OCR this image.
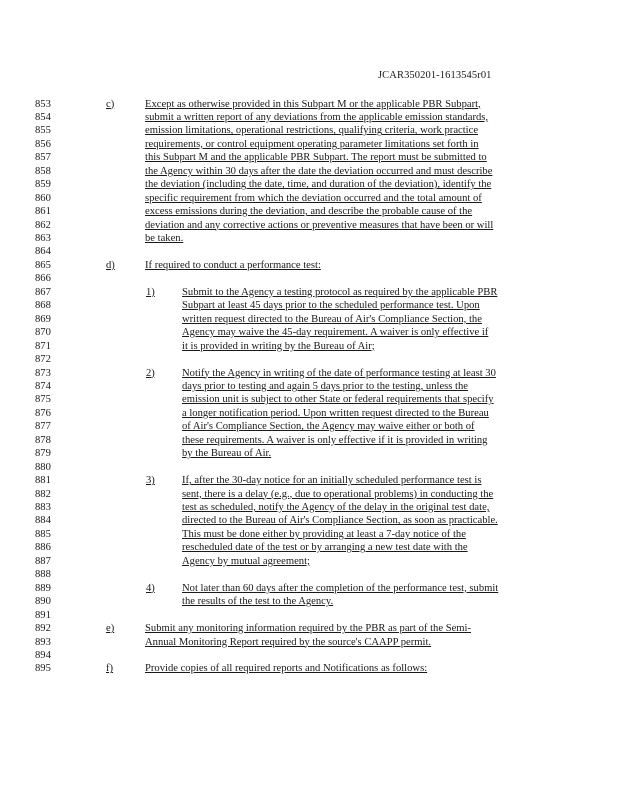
JCAR350201-1613545r01
853	c)	Except as otherwise provided in this Subpart M or the applicable PBR Subpart,
854	submit a written report of any deviations from the applicable emission standards,
855	emission limitations, operational restrictions, qualifying criteria, work practice
856	requirements, or control equipment operating parameter limitations set forth in
857	this Subpart M and the applicable PBR Subpart. The report must be submitted to
858	the Agency within 30 days after the date the deviation occurred and must describe
859	the deviation (including the date, time, and duration of the deviation), identify the
860	specific requirement from which the deviation occurred and the total amount of
861	excess emissions during the deviation, and describe the probable cause of the
862	deviation and any corrective actions or preventive measures that have been or will
863	be taken.
864
865	d)	If required to conduct a performance test:
866
867	1)	Submit to the Agency a testing protocol as required by the applicable PBR
868	Subpart at least 45 days prior to the scheduled performance test. Upon
869	written request directed to the Bureau of Air's Compliance Section, the
870	Agency may waive the 45-day requirement. A waiver is only effective if
871	it is provided in writing by the Bureau of Air;
872
873	2)	Notify the Agency in writing of the date of performance testing at least 30
874	days prior to testing and again 5 days prior to the testing, unless the
875	emission unit is subject to other State or federal requirements that specify
876	a longer notification period. Upon written request directed to the Bureau
877	of Air's Compliance Section, the Agency may waive either or both of
878	these requirements. A waiver is only effective if it is provided in writing
879	by the Bureau of Air.
880
881	3)	If, after the 30-day notice for an initially scheduled performance test is
882	sent, there is a delay (e.g., due to operational problems) in conducting the
883	test as scheduled, notify the Agency of the delay in the original test date,
884	directed to the Bureau of Air's Compliance Section, as soon as practicable.
885	This must be done either by providing at least a 7-day notice of the
886	rescheduled date of the test or by arranging a new test date with the
887	Agency by mutual agreement;
888
889	4)	Not later than 60 days after the completion of the performance test, submit
890	the results of the test to the Agency.
891
892	e)	Submit any monitoring information required by the PBR as part of the Semi-
893	Annual Monitoring Report required by the source's CAAPP permit.
894
895	f)	Provide copies of all required reports and Notifications as follows:
